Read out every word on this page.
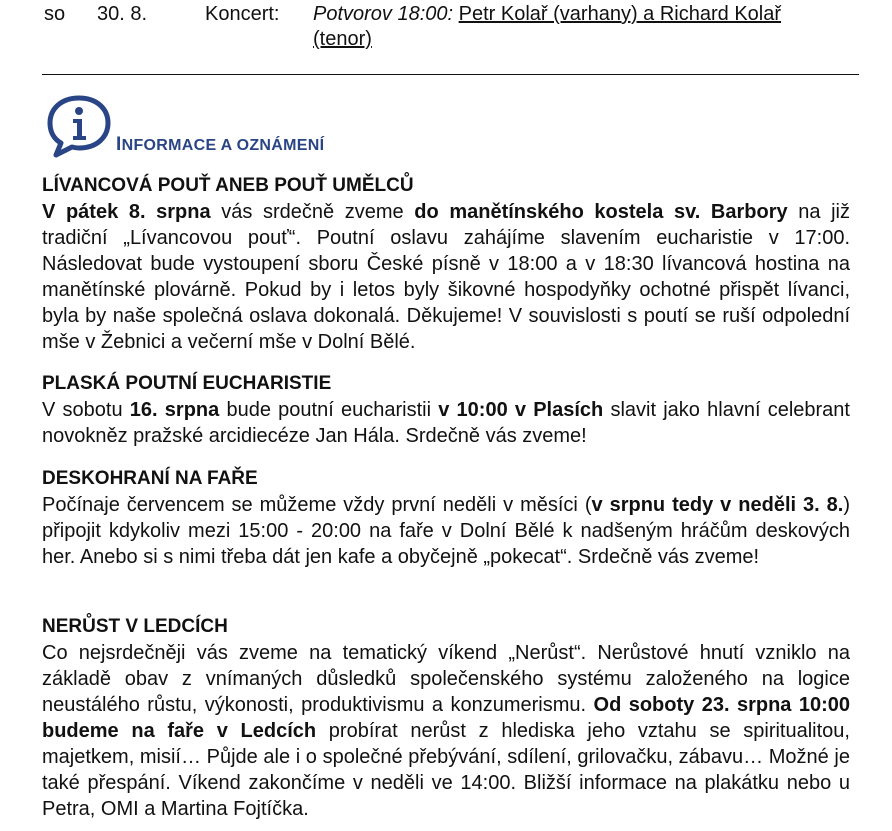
so 30. 8.	Koncert: Potvorov 18:00: Petr Kolař (varhany) a Richard Kolař (tenor)
INFORMACE A OZNÁMENÍ
LÍVANCOVÁ POUŤ ANEB POUŤ UMĚLCŮ

V pátek 8. srpna vás srdečně zveme do manětínského kostela sv. Barbory na již tradiční „Lívancovou pouť“. Poutní oslavu zahájíme slavením eucharistie v 17:00. Následovat bude vystoupení sboru České písně v 18:00 a v 18:30 lívancová hostina na manětínské plovárně. Pokud by i letos byly šikovné hospodyňky ochotné přispět lívanci, byla by naše společná oslava dokonalá. Děkujeme! V souvislosti s poutí se ruší odpolední mše v Žebnici a večerní mše v Dolní Bělé.

PLASKÁ POUTNÍ EUCHARISTIE

V sobotu 16. srpna bude poutní eucharistii v 10:00 v Plasích slavit jako hlavní celebrant novokněz pražské arcidiecéze Jan Hála. Srdečně vás zveme!

DESKOHRANÍ NA FAŘE

Počínaje červencem se můžeme vždy první neděli v měsíci (v srpnu tedy v neděli 3. 8.) připojit kdykoliv mezi 15:00 - 20:00 na faře v Dolní Bělé k nadšeným hráčům deskových her. Anebo si s nimi třeba dát jen kafe a obyčejně „pokecat“. Srdečně vás zveme!

NERŮST V LEDCÍCH

Co nejsrdečněji vás zveme na tematický víkend „Nerůst“. Nerůstové hnutí vzniklo na základě obav z vnímaných důsledků společenského systému založeného na logice neustálého růstu, výkonosti, produktivismu a konzumerismu. Od soboty 23. srpna 10:00 budeme na faře v Ledcích probírat nerůst z hlediska jeho vztahu se spiritualitou, majetkem, misií… Půjde ale i o společné přebývání, sdílení, grilovačku, zábavu… Možné je také přespání. Víkend zakončíme v neděli ve 14:00. Bližší informace na plakátku nebo u Petra, OMI a Martina Fojtíčka.
